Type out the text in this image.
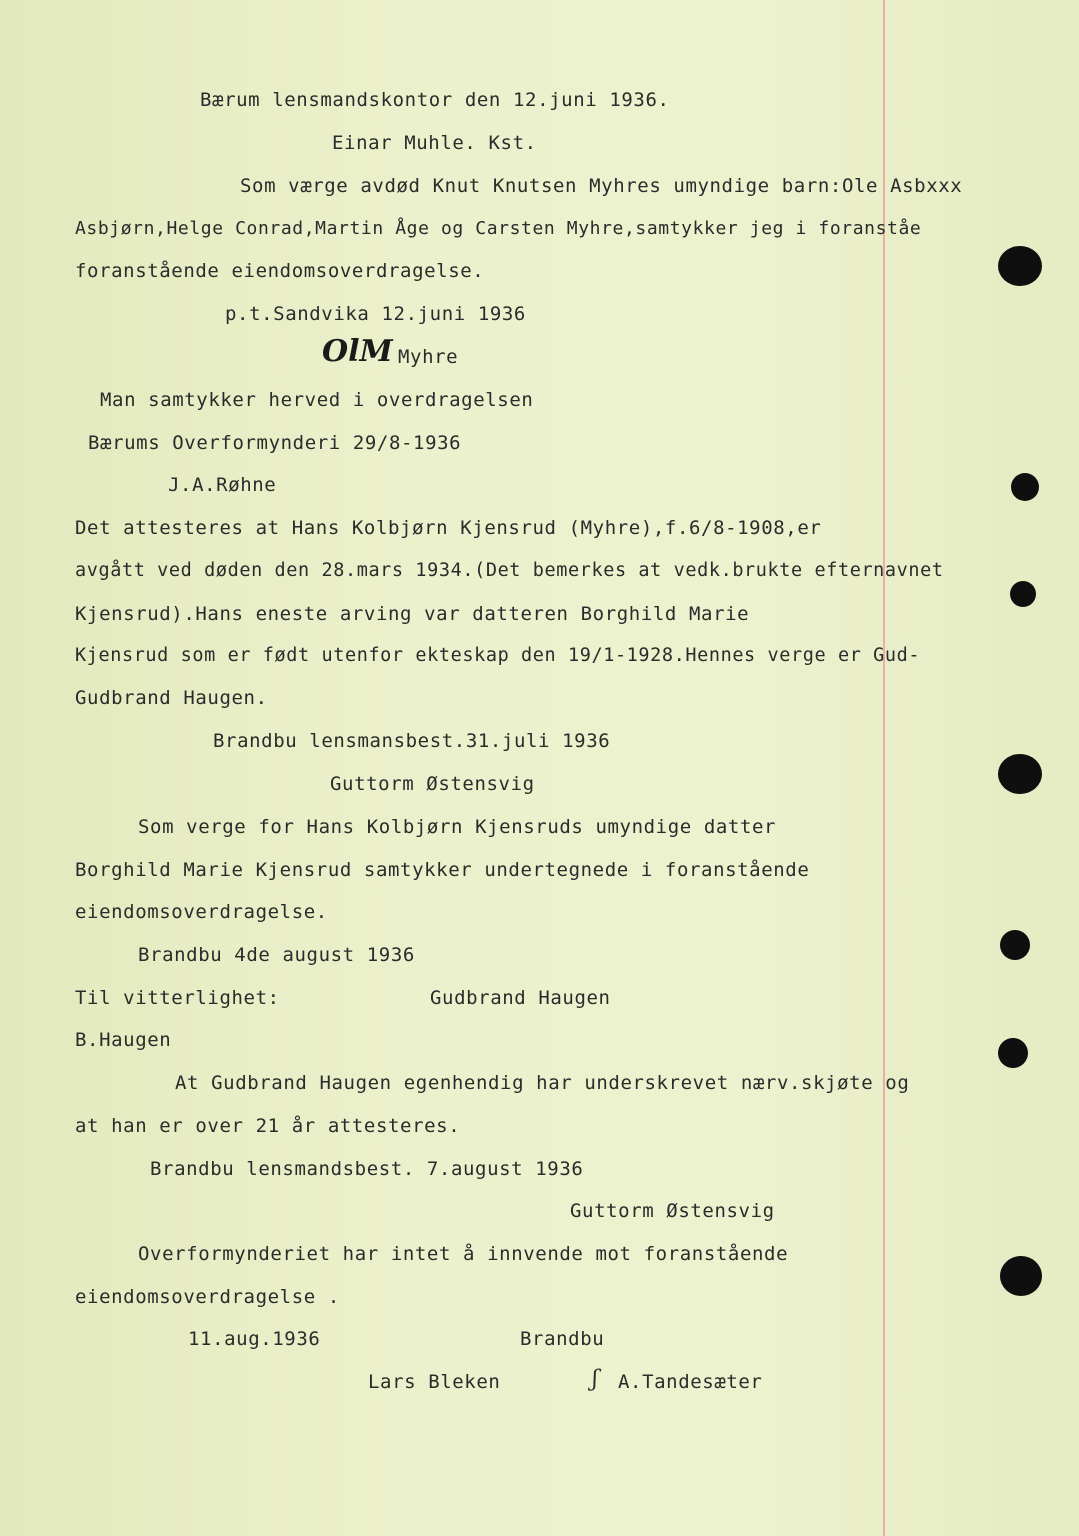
Bærum lensmandskontor den 12.juni 1936.
Einar Muhle. Kst.
Som værge avdød Knut Knutsen Myhres umyndige barn:Ole Asbxxx
Asbjørn,Helge Conrad,Martin Åge og Carsten Myhre,samtykker jeg i foranståe
foranstående eiendomsoverdragelse.
p.t.Sandvika 12.juni 1936
OlM Myhre
Man samtykker herved i overdragelsen
Bærums Overformynderi 29/8-1936
J.A.Røhne
Det attesteres at Hans Kolbjørn Kjensrud (Myhre),f.6/8-1908,er
avgått ved døden den 28.mars 1934.(Det bemerkes at vedk.brukte efternavnet
Kjensrud).Hans eneste arving var datteren Borghild Marie
Kjensrud som er født utenfor ekteskap den 19/1-1928.Hennes verge er Gud-
Gudbrand Haugen.
Brandbu lensmansbest.31.juli 1936
Guttorm Østensvig
Som verge for Hans Kolbjørn Kjensruds umyndige datter
Borghild Marie Kjensrud samtykker undertegnede i foranstående
eiendomsoverdragelse.
Brandbu 4de august 1936
Til vitterlighet:	Gudbrand Haugen
B.Haugen
At Gudbrand Haugen egenhendig har underskrevet nærv.skjøte og
at han er over 21 år attesteres.
Brandbu lensmandsbest. 7.august 1936
Guttorm Østensvig
Overformynderiet har intet å innvende mot foranstående
eiendomsoverdragelse .
11.aug.1936	Brandbu
Lars Bleken	ʃ A.Tandesæter
